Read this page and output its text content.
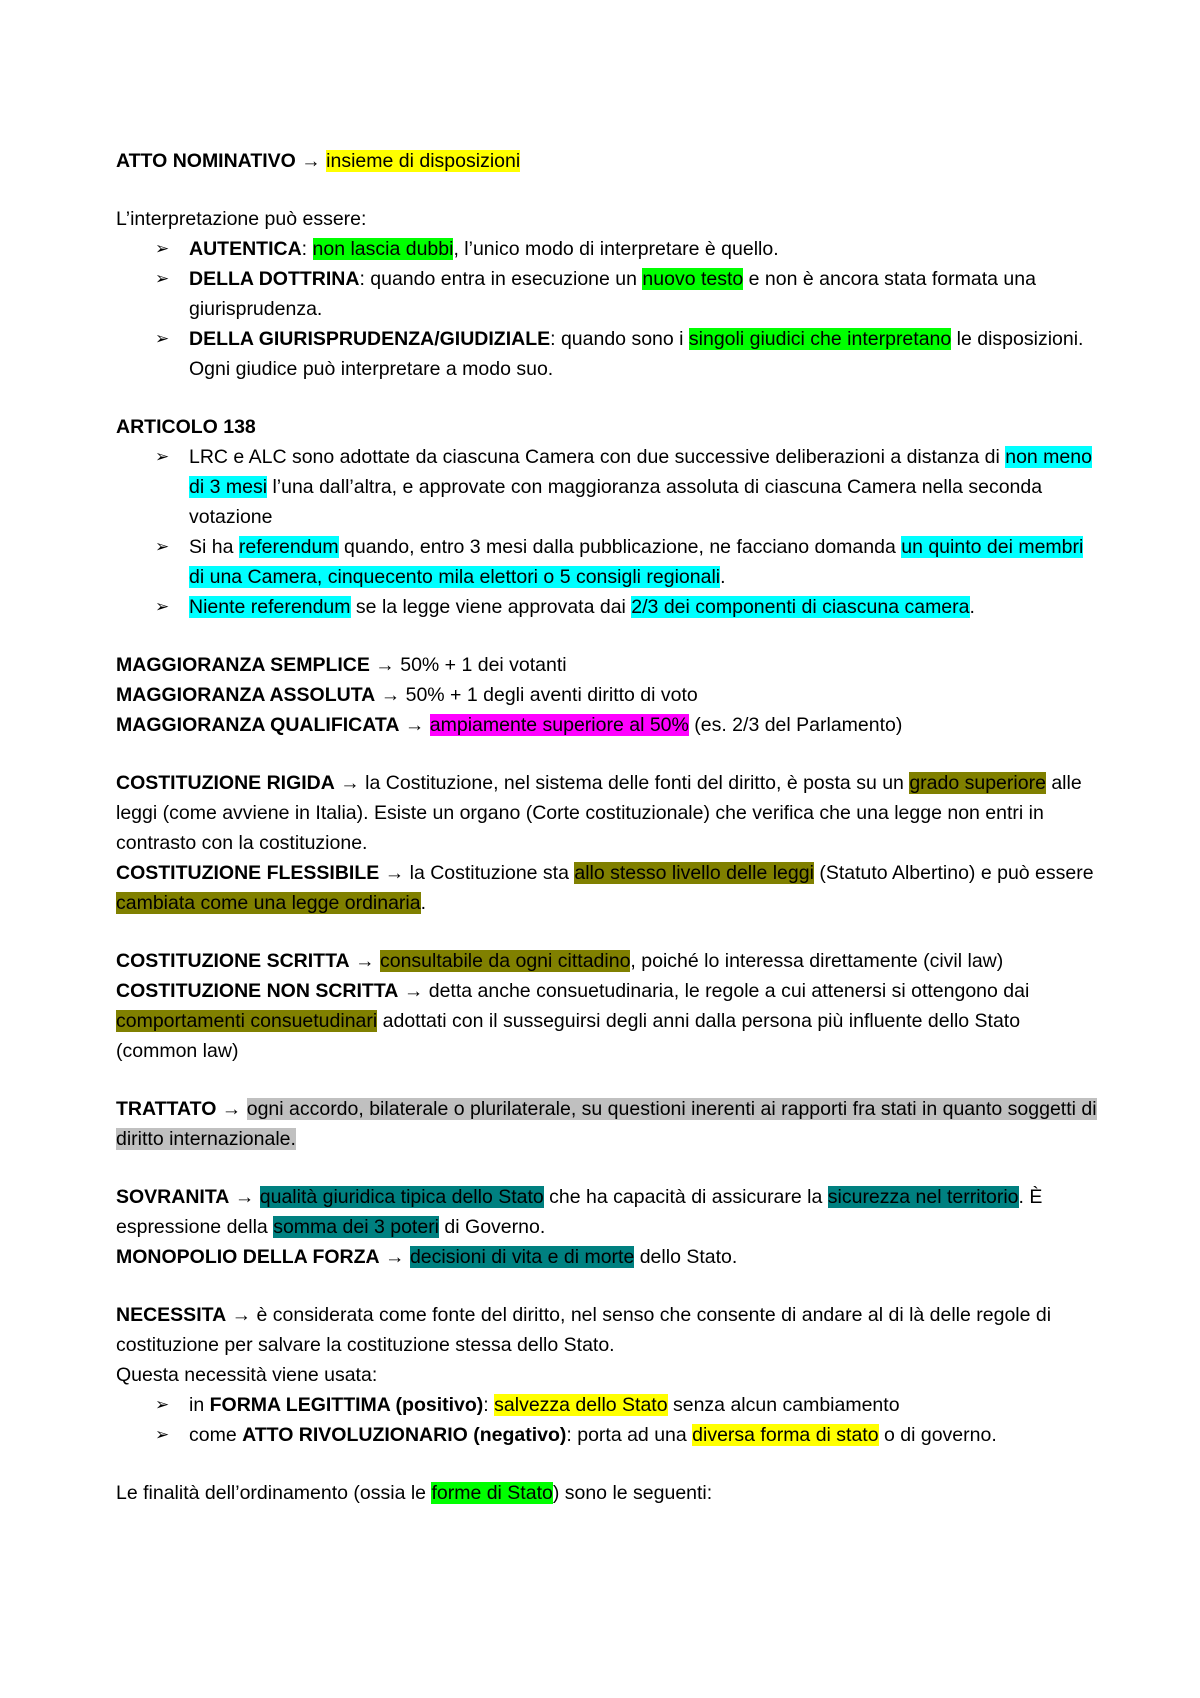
ATTO NOMINATIVO → insieme di disposizioni

L’interpretazione può essere:

➢ AUTENTICA: non lascia dubbi, l’unico modo di interpretare è quello.
➢ DELLA DOTTRINA: quando entra in esecuzione un nuovo testo e non è ancora stata formata una giurisprudenza.
➢ DELLA GIURISPRUDENZA/GIUDIZIALE: quando sono i singoli giudici che interpretano le disposizioni. Ogni giudice può interpretare a modo suo.

ARTICOLO 138

➢ LRC e ALC sono adottate da ciascuna Camera con due successive deliberazioni a distanza di non meno di 3 mesi l’una dall’altra, e approvate con maggioranza assoluta di ciascuna Camera nella seconda votazione
➢ Si ha referendum quando, entro 3 mesi dalla pubblicazione, ne facciano domanda un quinto dei membri di una Camera, cinquecento mila elettori o 5 consigli regionali.
➢ Niente referendum se la legge viene approvata dai 2/3 dei componenti di ciascuna camera.

MAGGIORANZA SEMPLICE → 50% + 1 dei votanti

MAGGIORANZA ASSOLUTA → 50% + 1 degli aventi diritto di voto

MAGGIORANZA QUALIFICATA → ampiamente superiore al 50% (es. 2/3 del Parlamento)

COSTITUZIONE RIGIDA → la Costituzione, nel sistema delle fonti del diritto, è posta su un grado superiore alle leggi (come avviene in Italia). Esiste un organo (Corte costituzionale) che verifica che una legge non entri in contrasto con la costituzione.

COSTITUZIONE FLESSIBILE → la Costituzione sta allo stesso livello delle leggi (Statuto Albertino) e può essere cambiata come una legge ordinaria.

COSTITUZIONE SCRITTA → consultabile da ogni cittadino, poiché lo interessa direttamente (civil law)

COSTITUZIONE NON SCRITTA → detta anche consuetudinaria, le regole a cui attenersi si ottengono dai comportamenti consuetudinari adottati con il susseguirsi degli anni dalla persona più influente dello Stato (common law)

TRATTATO → ogni accordo, bilaterale o plurilaterale, su questioni inerenti ai rapporti fra stati in quanto soggetti di diritto internazionale.

SOVRANITA → qualità giuridica tipica dello Stato che ha capacità di assicurare la sicurezza nel territorio. È espressione della somma dei 3 poteri di Governo.

MONOPOLIO DELLA FORZA → decisioni di vita e di morte dello Stato.

NECESSITA → è considerata come fonte del diritto, nel senso che consente di andare al di là delle regole di costituzione per salvare la costituzione stessa dello Stato.

Questa necessità viene usata:

➢ in FORMA LEGITTIMA (positivo): salvezza dello Stato senza alcun cambiamento
➢ come ATTO RIVOLUZIONARIO (negativo): porta ad una diversa forma di stato o di governo.

Le finalità dell’ordinamento (ossia le forme di Stato) sono le seguenti:
